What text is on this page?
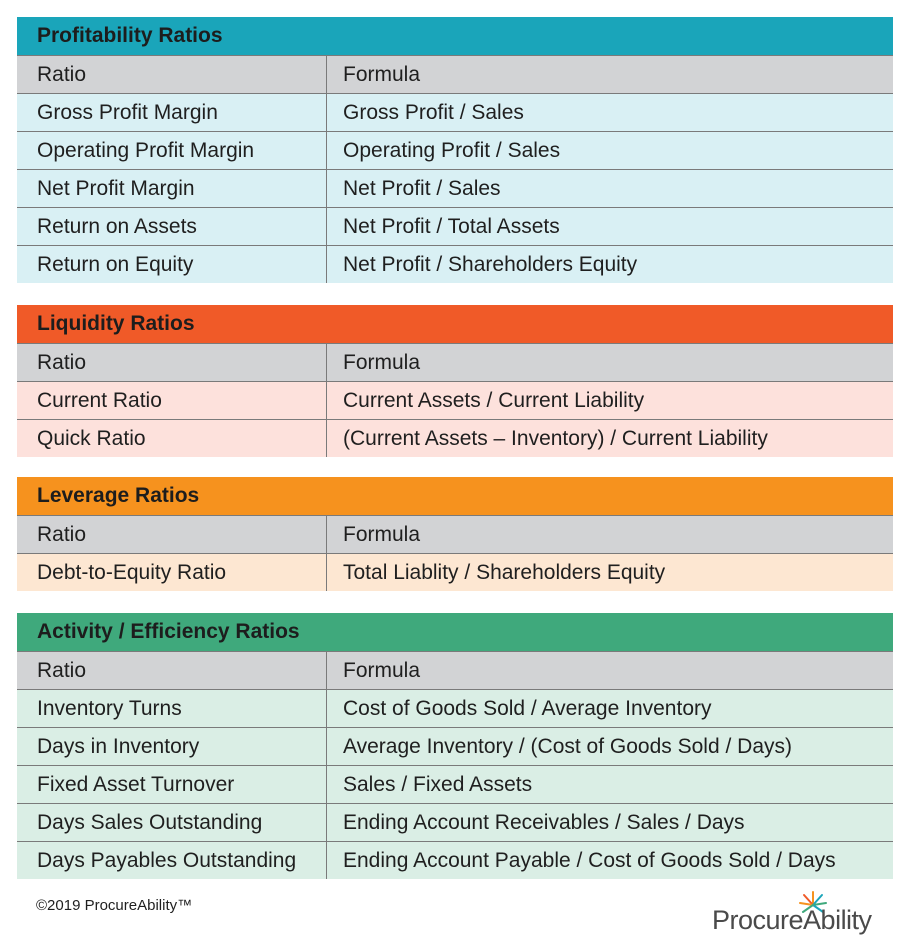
Profitability Ratios
Ratio	Formula
Gross Profit Margin	Gross Profit / Sales
Operating Profit Margin	Operating Profit / Sales
Net Profit Margin	Net Profit / Sales
Return on Assets	Net Profit / Total Assets
Return on Equity	Net Profit / Shareholders Equity
Liquidity Ratios
Ratio	Formula
Current Ratio	Current Assets / Current Liability
Quick Ratio	(Current Assets – Inventory) / Current Liability
Leverage Ratios
Ratio	Formula
Debt-to-Equity Ratio	Total Liablity / Shareholders Equity
Activity / Efficiency Ratios
Ratio	Formula
Inventory Turns	Cost of Goods Sold / Average Inventory
Days in Inventory	Average Inventory / (Cost of Goods Sold / Days)
Fixed Asset Turnover	Sales / Fixed Assets
Days Sales Outstanding	Ending Account Receivables / Sales / Days
Days Payables Outstanding	Ending Account Payable / Cost of Goods Sold / Days
©2019 ProcureAbility™	ProcureAbility
